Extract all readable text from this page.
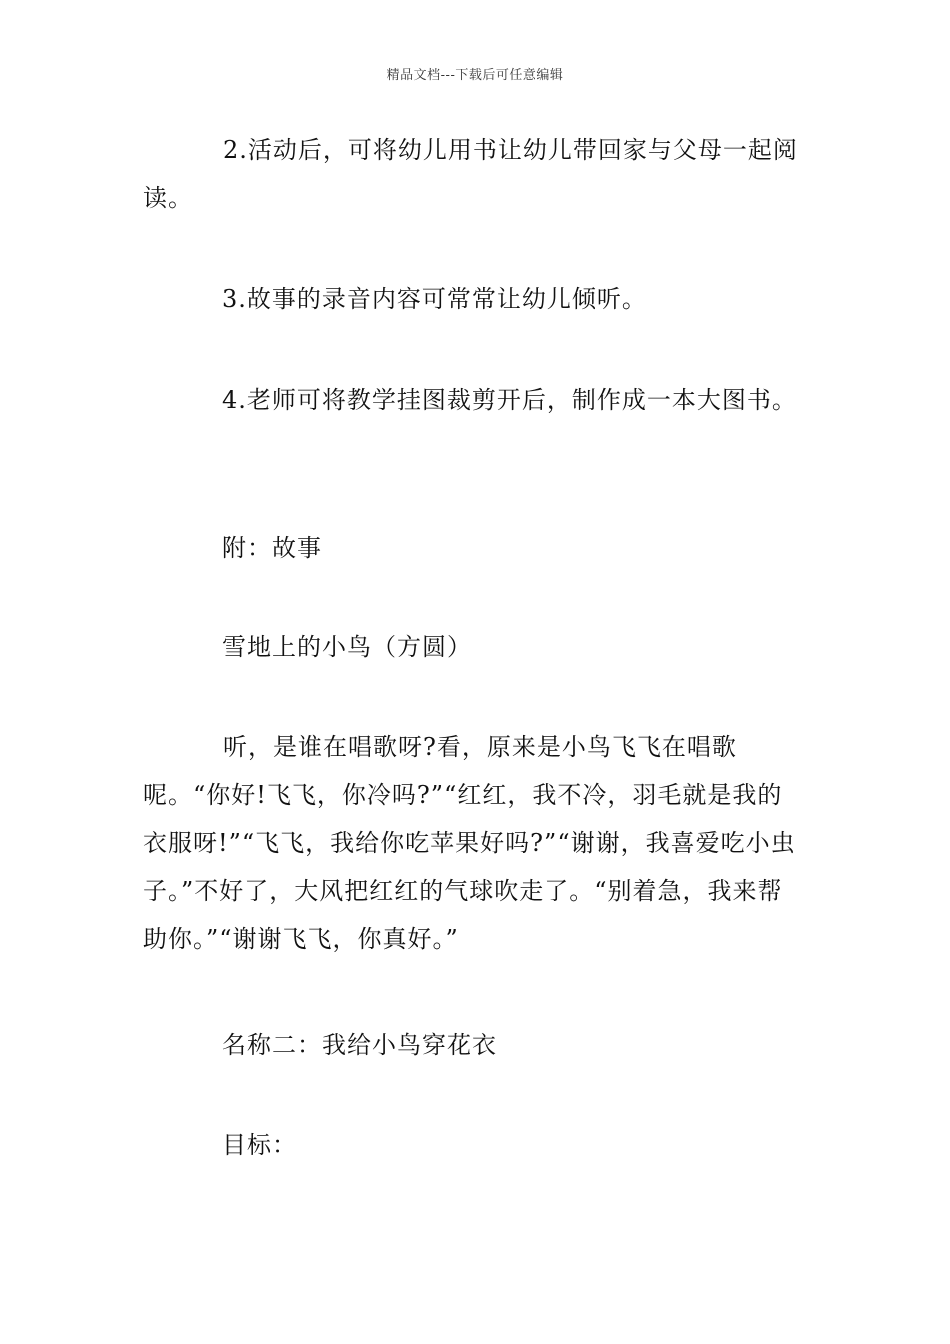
精品文档---下载后可任意编辑

2.活动后，可将幼儿用书让幼儿带回家与父母一起阅读。

3.故事的录音内容可常常让幼儿倾听。

4.老师可将教学挂图裁剪开后，制作成一本大图书。

附：故事

雪地上的小鸟（方圆）

听，是谁在唱歌呀?看，原来是小鸟飞飞在唱歌呢。“你好!飞飞，你冷吗?”“红红，我不冷，羽毛就是我的衣服呀!”“飞飞，我给你吃苹果好吗?”“谢谢，我喜爱吃小虫子。”不好了，大风把红红的气球吹走了。“别着急，我来帮助你。”“谢谢飞飞，你真好。”

名称二：我给小鸟穿花衣

目标：
